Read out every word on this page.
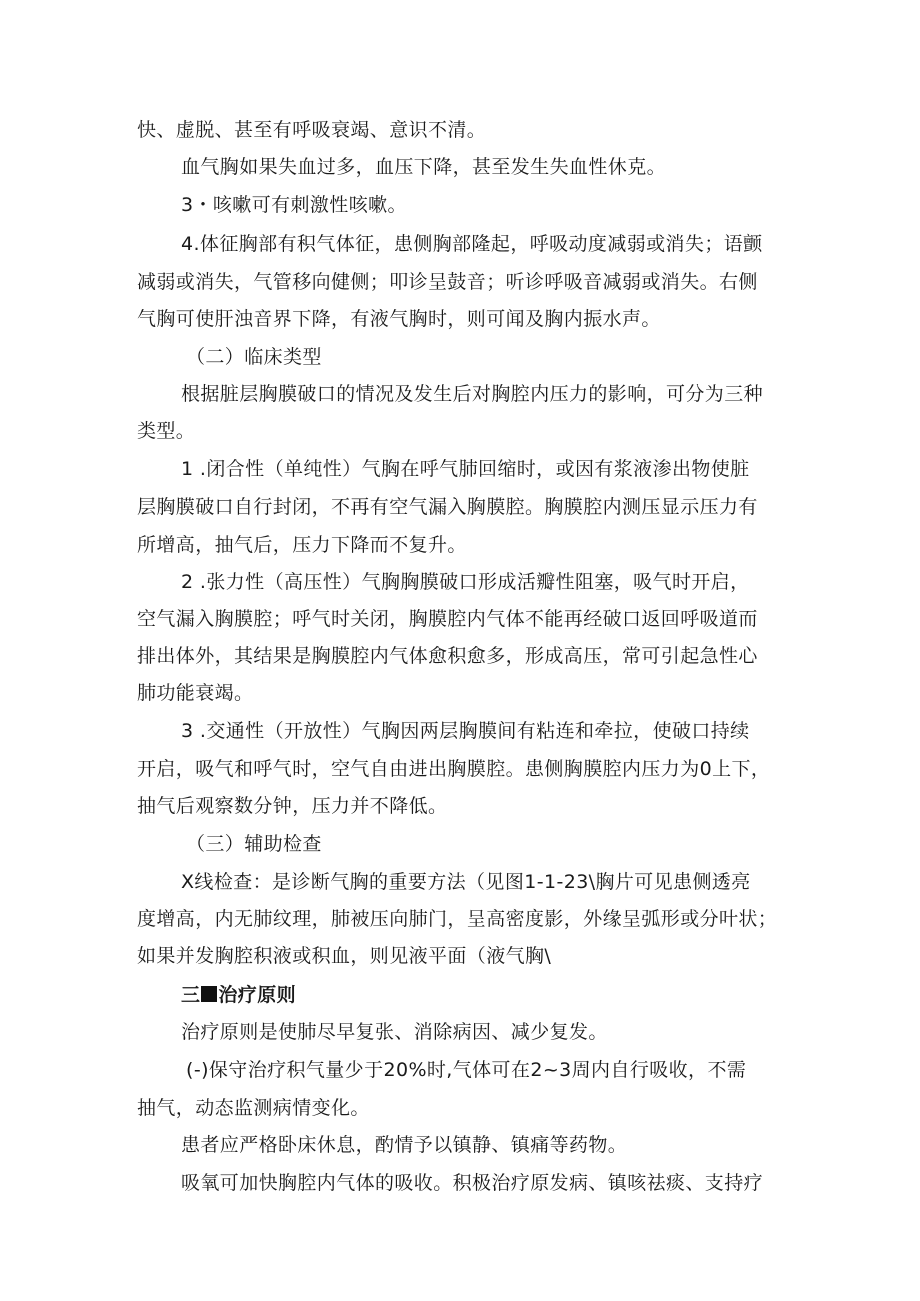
快、虚脱、甚至有呼吸衰竭、意识不清。
血气胸如果失血过多，血压下降，甚至发生失血性休克。
3・咳嗽可有刺激性咳嗽。
4.体征胸部有积气体征，患侧胸部隆起，呼吸动度减弱或消失；语颤
减弱或消失，气管移向健侧；叩诊呈鼓音；听诊呼吸音减弱或消失。右侧
气胸可使肝浊音界下降，有液气胸时，则可闻及胸内振水声。
（二）临床类型
根据脏层胸膜破口的情况及发生后对胸腔内压力的影响，可分为三种
类型。
1 .闭合性（单纯性）气胸在呼气肺回缩时，或因有浆液渗出物使脏
层胸膜破口自行封闭，不再有空气漏入胸膜腔。胸膜腔内测压显示压力有
所增高，抽气后，压力下降而不复升。
2 .张力性（高压性）气胸胸膜破口形成活瓣性阻塞，吸气时开启，
空气漏入胸膜腔；呼气时关闭，胸膜腔内气体不能再经破口返回呼吸道而
排出体外，其结果是胸膜腔内气体愈积愈多，形成高压，常可引起急性心
肺功能衰竭。
3 .交通性（开放性）气胸因两层胸膜间有粘连和牵拉，使破口持续
开启，吸气和呼气时，空气自由进出胸膜腔。患侧胸膜腔内压力为0上下，
抽气后观察数分钟，压力并不降低。
（三）辅助检查
X线检查：是诊断气胸的重要方法（见图1-1-23\胸片可见患侧透亮
度增高，内无肺纹理，肺被压向肺门，呈高密度影，外缘呈弧形或分叶状；
如果并发胸腔积液或积血，则见液平面（液气胸\
三 治疗原则
治疗原则是使肺尽早复张、消除病因、减少复发。
(-)保守治疗积气量少于20%时,气体可在2~3周内自行吸收，不需
抽气，动态监测病情变化。
患者应严格卧床休息，酌情予以镇静、镇痛等药物。
吸氧可加快胸腔内气体的吸收。积极治疗原发病、镇咳祛痰、支持疗
